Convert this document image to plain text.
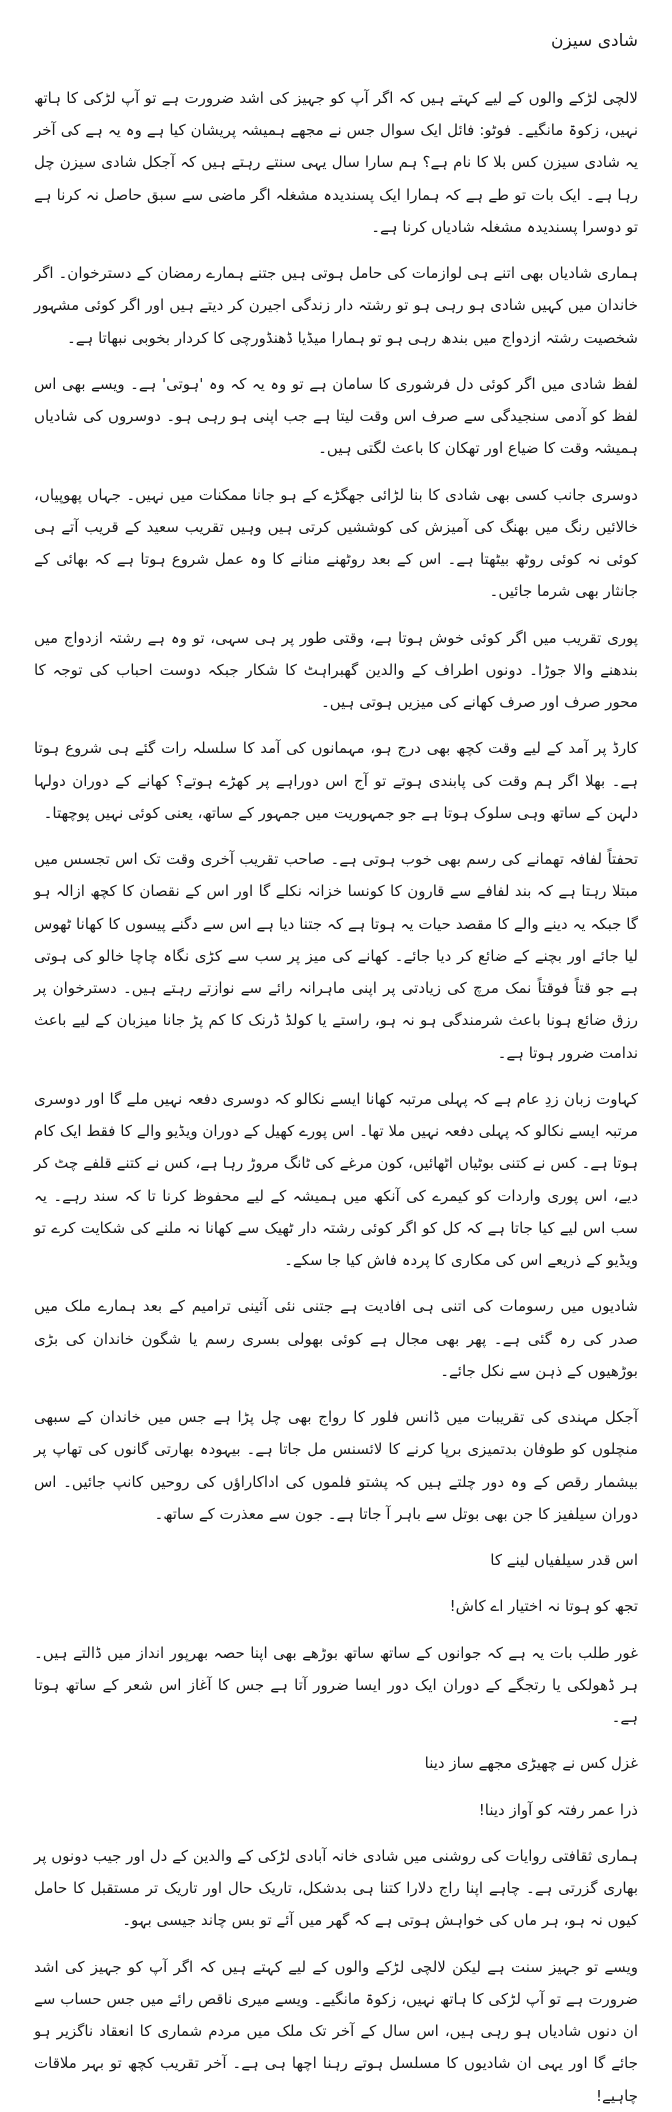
شادی سیزن

لالچی لڑکے والوں کے لیے کہتے ہیں کہ اگر آپ کو جہیز کی اشد ضرورت ہے تو آپ لڑکی کا ہاتھ نہیں، زکوۃ مانگیے۔ فوٹو: فائل ایک سوال جس نے مجھے ہمیشہ پریشان کیا ہے وہ یہ ہے کی آخر یہ شادی سیزن کس بلا کا نام ہے؟ ہم سارا سال یہی سنتے رہتے ہیں کہ آجکل شادی سیزن چل رہا ہے۔ ایک بات تو طے ہے کہ ہمارا ایک پسندیدہ مشغلہ اگر ماضی سے سبق حاصل نہ کرنا ہے تو دوسرا پسندیدہ مشغلہ شادیاں کرنا ہے۔

ہماری شادیاں بھی اتنے ہی لوازمات کی حامل ہوتی ہیں جتنے ہمارے رمضان کے دسترخوان۔ اگر خاندان میں کہیں شادی ہو رہی ہو تو رشتہ دار زندگی اجیرن کر دیتے ہیں اور اگر کوئی مشہور شخصیت رشتہ ازدواج میں بندھ رہی ہو تو ہمارا میڈیا ڈھنڈورچی کا کردار بخوبی نبھاتا ہے۔

لفظ شادی میں اگر کوئی دل فرشوری کا سامان ہے تو وہ یہ کہ وہ 'ہوتی' ہے۔ ویسے بھی اس لفظ کو آدمی سنجیدگی سے صرف اس وقت لیتا ہے جب اپنی ہو رہی ہو۔ دوسروں کی شادیاں ہمیشہ وقت کا ضیاع اور تھکان کا باعث لگتی ہیں۔

دوسری جانب کسی بھی شادی کا بنا لڑائی جھگڑے کے ہو جانا ممکنات میں نہیں۔ جہاں پھوپیاں، خالائیں رنگ میں بھنگ کی آمیزش کی کوششیں کرتی ہیں وہیں تقریب سعید کے قریب آتے ہی کوئی نہ کوئی روٹھ بیٹھتا ہے۔ اس کے بعد روٹھنے منانے کا وہ عمل شروع ہوتا ہے کہ بھائی کے جانثار بھی شرما جائیں۔

پوری تقریب میں اگر کوئی خوش ہوتا ہے، وقتی طور پر ہی سہی، تو وہ ہے رشتہ ازدواج میں بندھنے والا جوڑا۔ دونوں اطراف کے والدین گھبراہٹ کا شکار جبکہ دوست احباب کی توجہ کا محور صرف اور صرف کھانے کی میزیں ہوتی ہیں۔

کارڈ پر آمد کے لیے وقت کچھ بھی درج ہو، مہمانوں کی آمد کا سلسلہ رات گئے ہی شروع ہوتا ہے۔ بھلا اگر ہم وقت کی پابندی ہوتے تو آج اس دوراہے پر کھڑے ہوتے؟ کھانے کے دوران دولہا دلہن کے ساتھ وہی سلوک ہوتا ہے جو جمہوریت میں جمہور کے ساتھ، یعنی کوئی نہیں پوچھتا۔

تحفتاً لفافہ تھمانے کی رسم بھی خوب ہوتی ہے۔ صاحب تقریب آخری وقت تک اس تجسس میں مبتلا رہتا ہے کہ بند لفافے سے قارون کا کونسا خزانہ نکلے گا اور اس کے نقصان کا کچھ ازالہ ہو گا جبکہ یہ دینے والے کا مقصد حیات یہ ہوتا ہے کہ جتنا دیا ہے اس سے دگنے پیسوں کا کھانا ٹھوس لیا جائے اور بچنے کے ضائع کر دیا جائے۔ کھانے کی میز پر سب سے کڑی نگاہ چاچا خالو کی ہوتی ہے جو قتاً فوقتاً نمک مرچ کی زیادتی پر اپنی ماہرانہ رائے سے نوازتے رہتے ہیں۔ دسترخوان پر رزق ضائع ہونا باعث شرمندگی ہو نہ ہو، راستے یا کولڈ ڈرنک کا کم پڑ جانا میزبان کے لیے باعث ندامت ضرور ہوتا ہے۔

کہاوت زبان زدِ عام ہے کہ پہلی مرتبہ کھانا ایسے نکالو کہ دوسری دفعہ نہیں ملے گا اور دوسری مرتبہ ایسے نکالو کہ پہلی دفعہ نہیں ملا تھا۔ اس پورے کھیل کے دوران ویڈیو والے کا فقط ایک کام ہوتا ہے۔ کس نے کتنی بوٹیاں اٹھائیں، کون مرغے کی ٹانگ مروڑ رہا ہے، کس نے کتنے قلفے چٹ کر دیے، اس پوری واردات کو کیمرے کی آنکھ میں ہمیشہ کے لیے محفوظ کرنا تا کہ سند رہے۔ یہ سب اس لیے کیا جاتا ہے کہ کل کو اگر کوئی رشتہ دار ٹھیک سے کھانا نہ ملنے کی شکایت کرے تو ویڈیو کے ذریعے اس کی مکاری کا پردہ فاش کیا جا سکے۔

شادیوں میں رسومات کی اتنی ہی افادیت ہے جتنی نئی آئینی ترامیم کے بعد ہمارے ملک میں صدر کی رہ گئی ہے۔ پھر بھی مجال ہے کوئی بھولی بسری رسم یا شگون خاندان کی بڑی بوڑھیوں کے ذہن سے نکل جائے۔

آجکل مہندی کی تقریبات میں ڈانس فلور کا رواج بھی چل پڑا ہے جس میں خاندان کے سبھی منچلوں کو طوفان بدتمیزی برپا کرنے کا لائسنس مل جاتا ہے۔ بیہودہ بھارتی گانوں کی تھاپ پر بیشمار رقص کے وہ دور چلتے ہیں کہ پشتو فلموں کی اداکاراؤں کی روحیں کانپ جائیں۔ اس دوران سیلفیز کا جن بھی بوتل سے باہر آ جاتا ہے۔ جون سے معذرت کے ساتھ۔

اس قدر سیلفیاں لینے کا

تجھ کو ہوتا نہ اختیار اے کاش!

غور طلب بات یہ ہے کہ جوانوں کے ساتھ ساتھ بوڑھے بھی اپنا حصہ بھرپور انداز میں ڈالتے ہیں۔ ہر ڈھولکی یا رتجگے کے دوران ایک دور ایسا ضرور آتا ہے جس کا آغاز اس شعر کے ساتھ ہوتا ہے۔

غزل کس نے چھیڑی مجھے ساز دینا

ذرا عمر رفتہ کو آواز دینا!

ہماری ثقافتی روایات کی روشنی میں شادی خانہ آبادی لڑکی کے والدین کے دل اور جیب دونوں پر بھاری گزرتی ہے۔ چاہے اپنا راج دلارا کتنا ہی بدشکل، تاریک حال اور تاریک تر مستقبل کا حامل کیوں نہ ہو، ہر ماں کی خواہش ہوتی ہے کہ گھر میں آئے تو بس چاند جیسی بہو۔

ویسے تو جہیز سنت ہے لیکن لالچی لڑکے والوں کے لیے کہتے ہیں کہ اگر آپ کو جہیز کی اشد ضرورت ہے تو آپ لڑکی کا ہاتھ نہیں، زکوۃ مانگیے۔ ویسے میری ناقص رائے میں جس حساب سے ان دنوں شادیاں ہو رہی ہیں، اس سال کے آخر تک ملک میں مردم شماری کا انعقاد ناگزیر ہو جائے گا اور یہی ان شادیوں کا مسلسل ہوتے رہنا اچھا ہی ہے۔ آخر تقریب کچھ تو بہر ملاقات چاہیے!
